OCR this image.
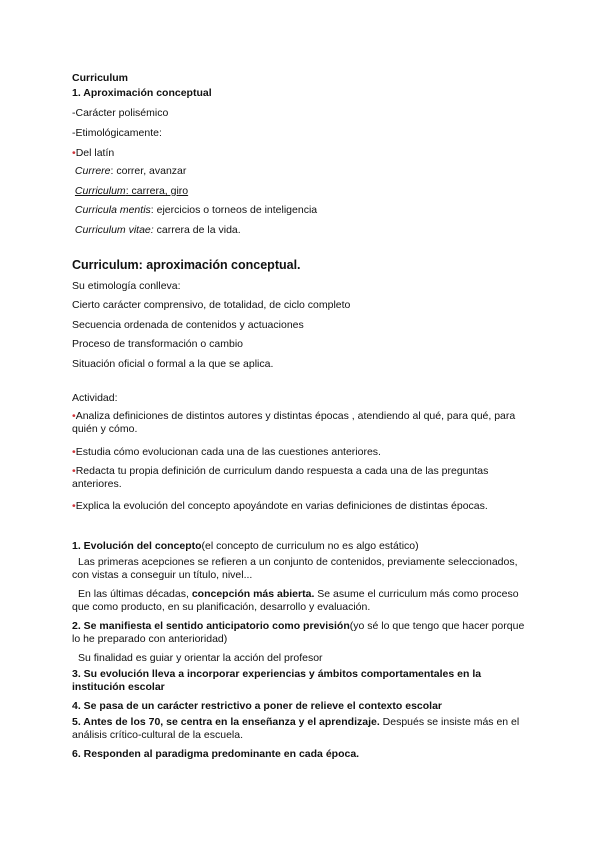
Curriculum
1. Aproximación conceptual
-Carácter polisémico
-Etimológicamente:
•Del latín
Currere: correr, avanzar
Curriculum: carrera, giro
Curricula mentis: ejercicios o torneos de inteligencia
Curriculum vitae: carrera de la vida.
Curriculum: aproximación conceptual.
Su etimología conlleva:
Cierto carácter comprensivo, de totalidad, de ciclo completo
Secuencia ordenada de contenidos y actuaciones
Proceso de transformación o cambio
Situación oficial o formal a la que se aplica.
Actividad:
•Analiza definiciones de distintos autores y distintas épocas , atendiendo al qué, para qué, para quién y cómo.
•Estudia cómo evolucionan cada una de las cuestiones anteriores.
•Redacta tu propia definición de curriculum dando respuesta a cada una de las preguntas anteriores.
•Explica la evolución del concepto apoyándote en varias definiciones de distintas épocas.
1. Evolución del concepto(el concepto de curriculum no es algo estático)
Las primeras acepciones se refieren a un conjunto de contenidos, previamente seleccionados, con vistas a conseguir un título, nivel...
En las últimas décadas, concepción más abierta. Se asume el curriculum más como proceso que como producto, en su planificación, desarrollo y evaluación.
2. Se manifiesta el sentido anticipatorio como previsión(yo sé lo que tengo que hacer porque lo he preparado con anterioridad)
Su finalidad es guiar y orientar la acción del profesor
3. Su evolución lleva a incorporar experiencias y ámbitos comportamentales en la institución escolar
4. Se pasa de un carácter restrictivo a poner de relieve el contexto escolar
5. Antes de los 70, se centra en la enseñanza y el aprendizaje. Después se insiste más en el análisis crítico-cultural de la escuela.
6. Responden al paradigma predominante en cada época.
